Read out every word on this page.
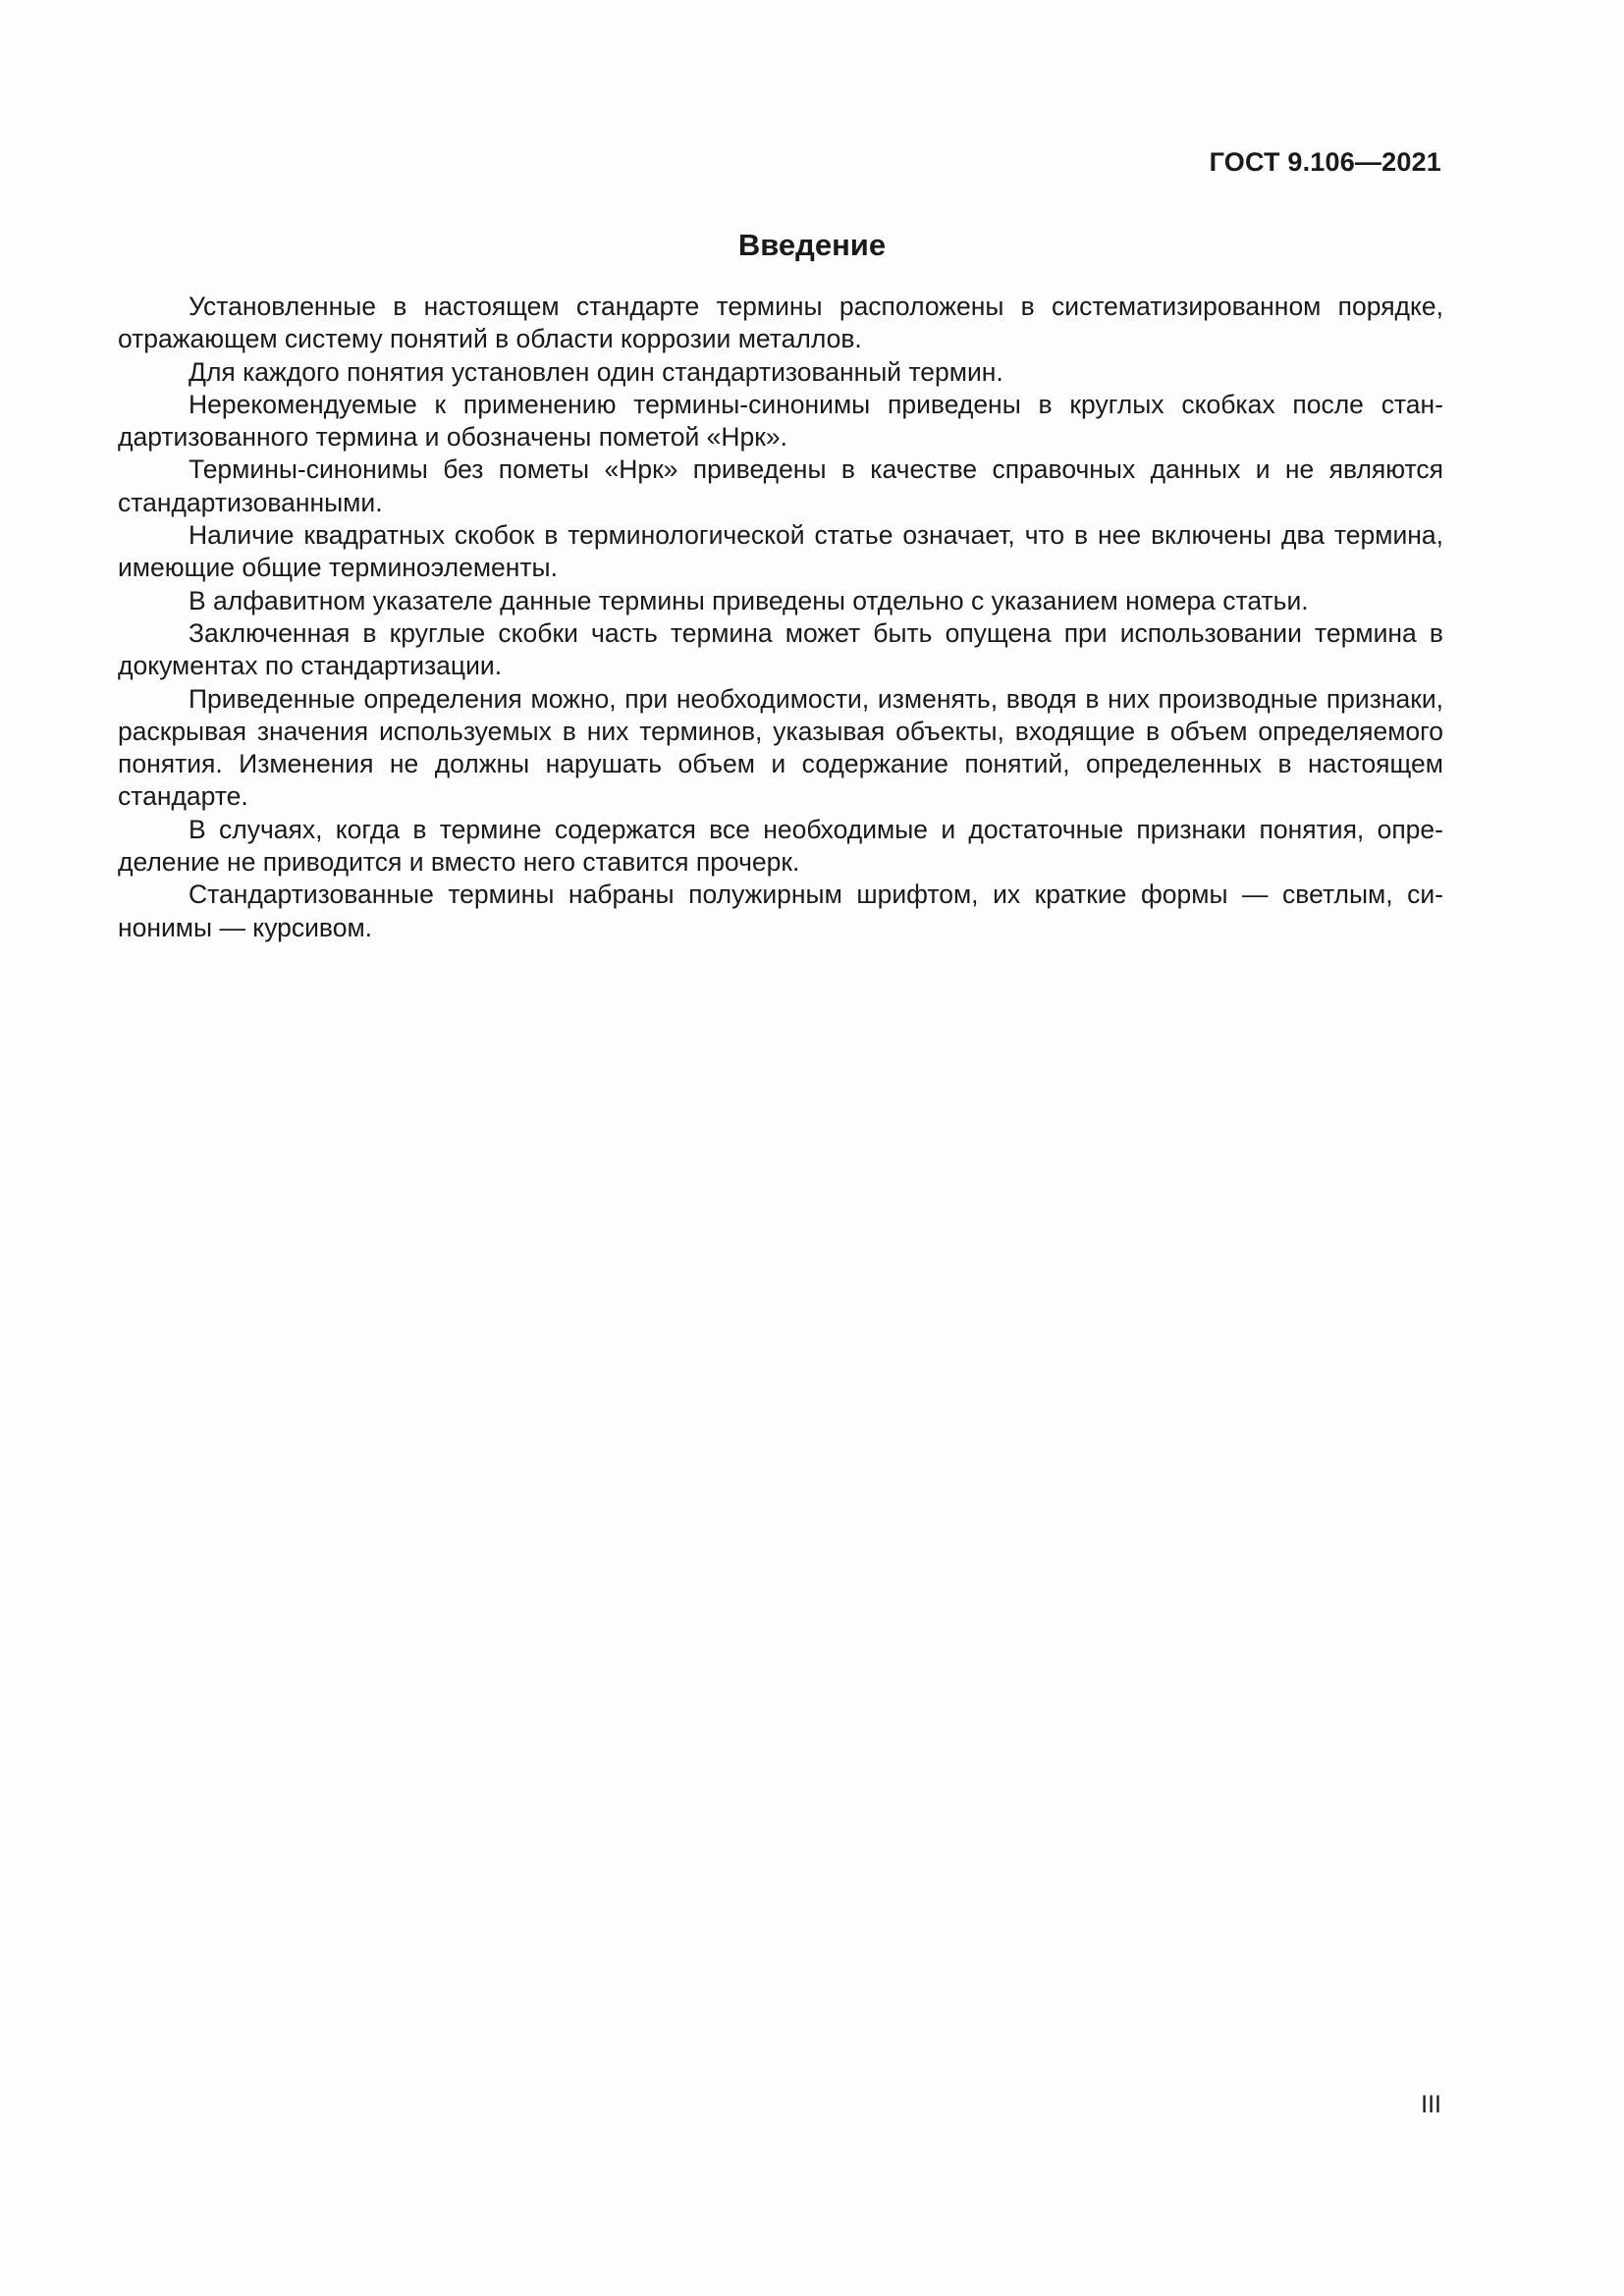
ГОСТ 9.106—2021
Введение

Установленные в настоящем стандарте термины расположены в систематизированном порядке, отражающем систему понятий в области коррозии металлов.

Для каждого понятия установлен один стандартизованный термин.

Нерекомендуемые к применению термины-синонимы приведены в круглых скобках после стандартизованного термина и обозначены пометой «Нрк».

Термины-синонимы без пометы «Нрк» приведены в качестве справочных данных и не являются стандартизованными.

Наличие квадратных скобок в терминологической статье означает, что в нее включены два термина, имеющие общие терминоэлементы.

В алфавитном указателе данные термины приведены отдельно с указанием номера статьи.

Заключенная в круглые скобки часть термина может быть опущена при использовании термина в документах по стандартизации.

Приведенные определения можно, при необходимости, изменять, вводя в них производные признаки, раскрывая значения используемых в них терминов, указывая объекты, входящие в объем определяемого понятия. Изменения не должны нарушать объем и содержание понятий, определенных в настоящем стандарте.

В случаях, когда в термине содержатся все необходимые и достаточные признаки понятия, определение не приводится и вместо него ставится прочерк.

Стандартизованные термины набраны полужирным шрифтом, их краткие формы — светлым, синонимы — курсивом.

III
